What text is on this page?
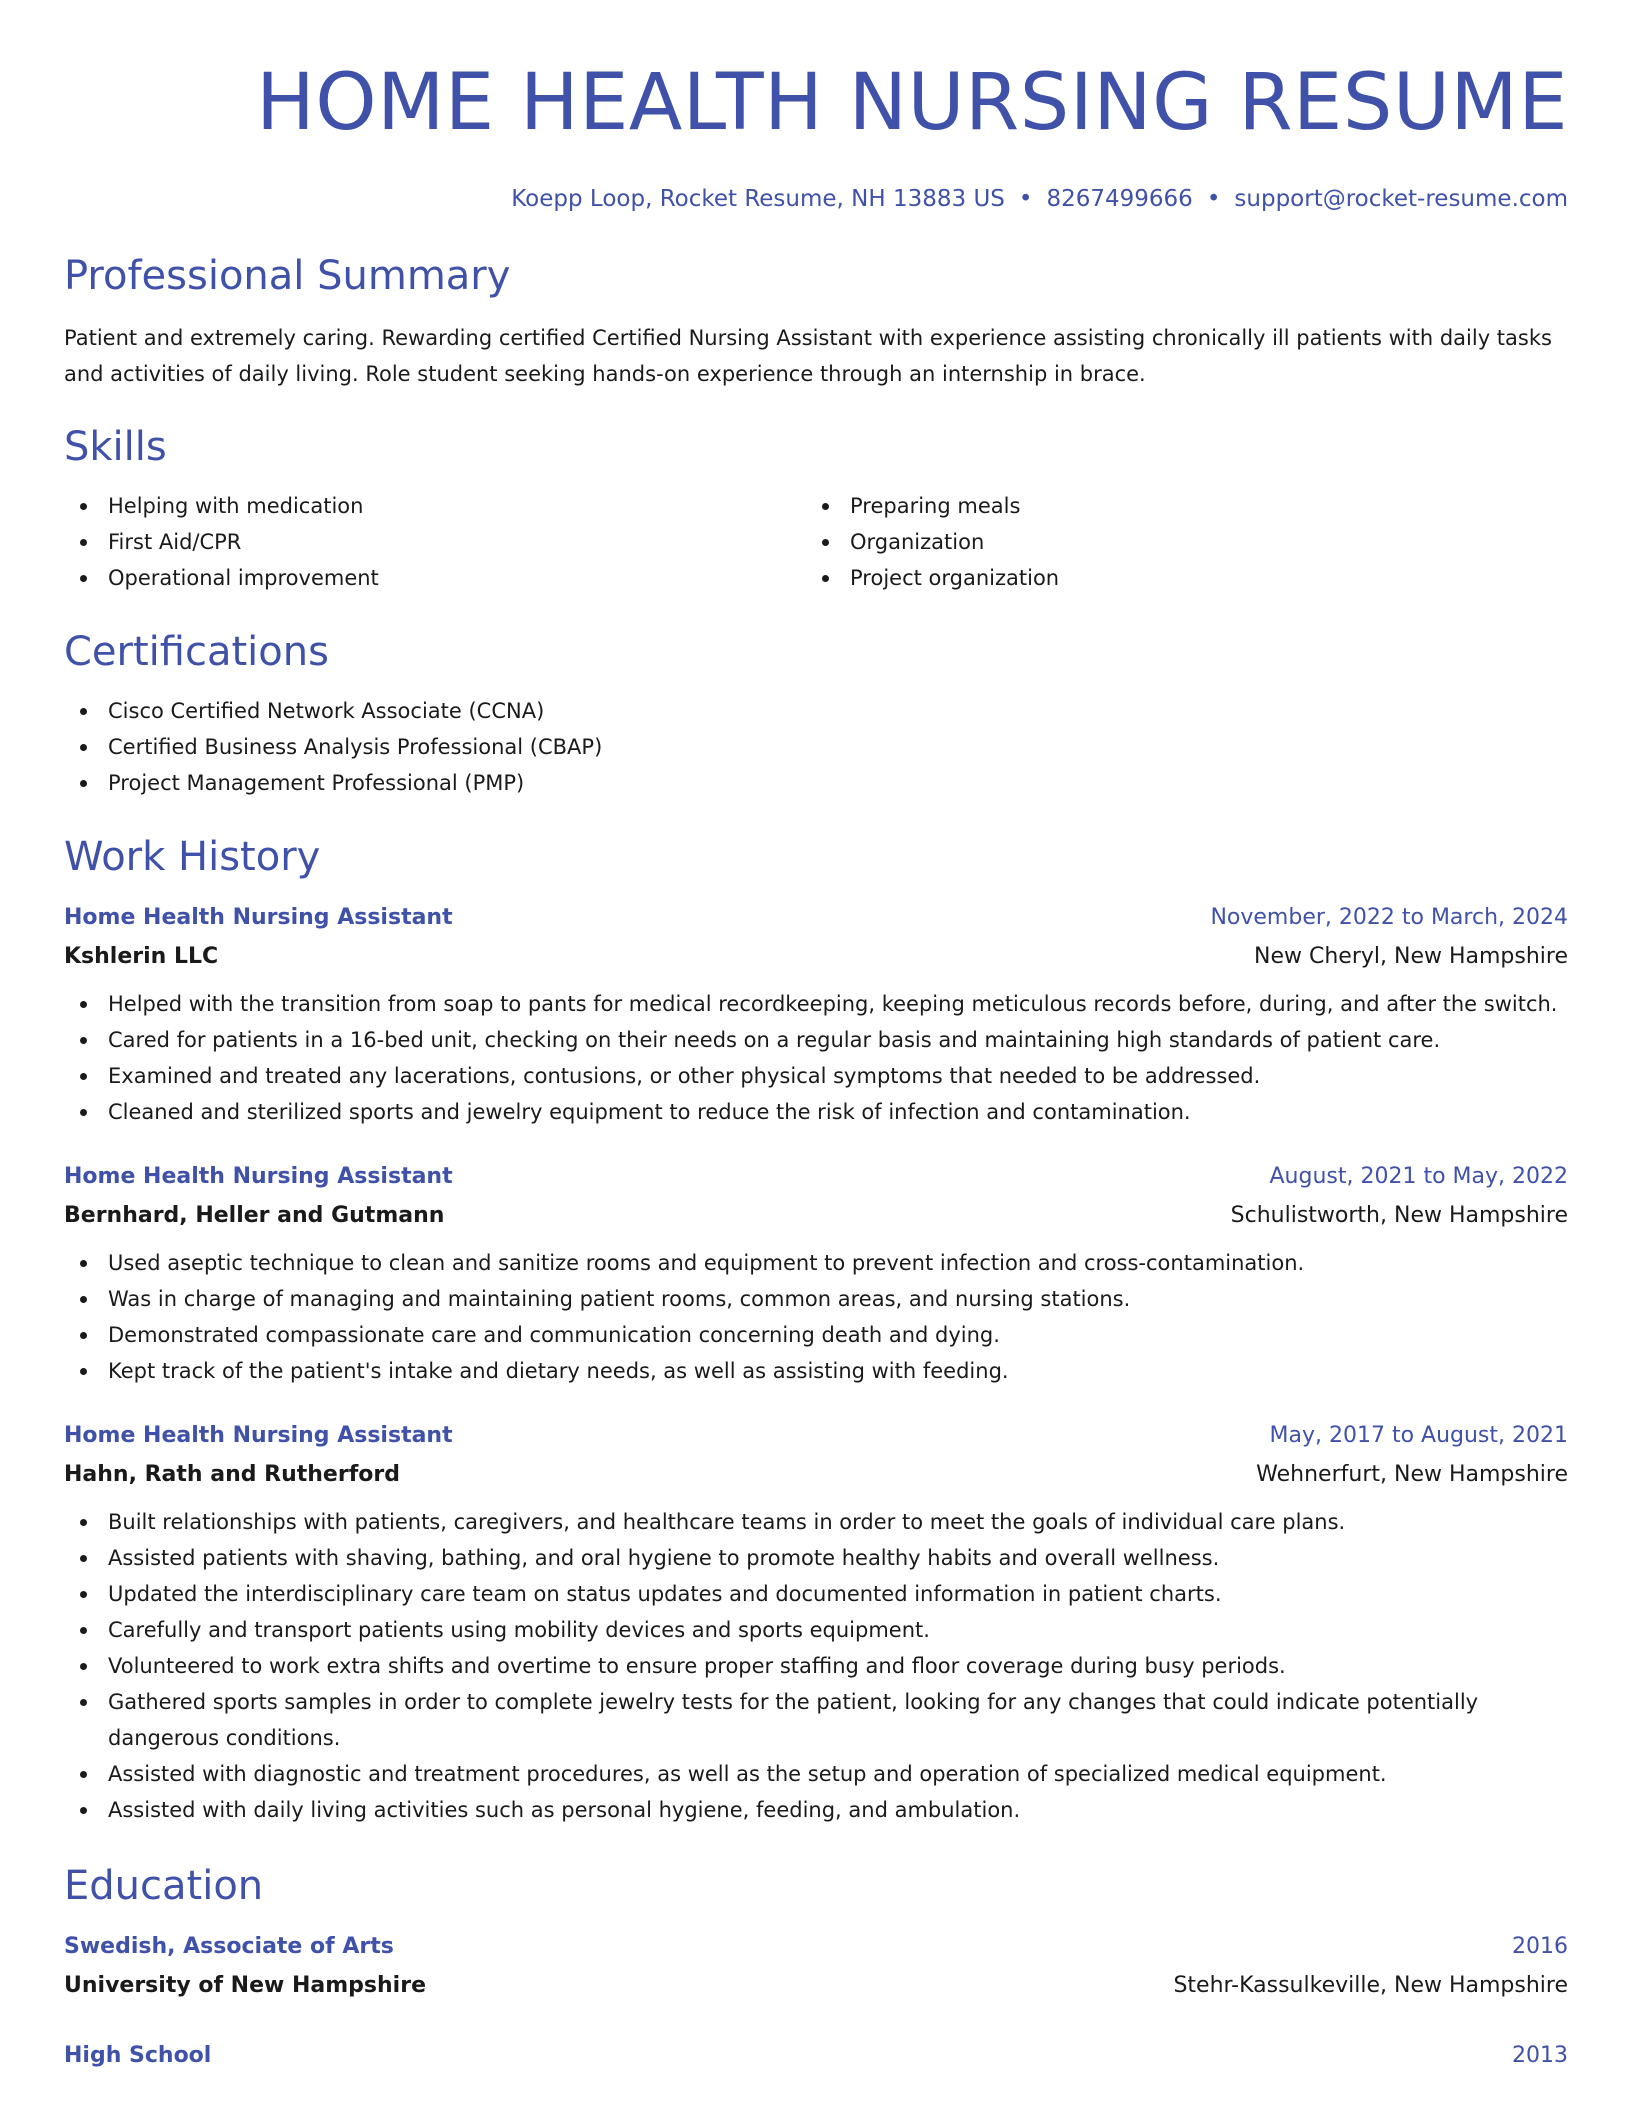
HOME HEALTH NURSING RESUME
Koepp Loop, Rocket Resume, NH 13883 US • 8267499666 • support@rocket-resume.com
Professional Summary

Patient and extremely caring. Rewarding certified Certified Nursing Assistant with experience assisting chronically ill patients with daily tasks and activities of daily living. Role student seeking hands-on experience through an internship in brace.

Skills
Helping with medication
First Aid/CPR
Operational improvement
Preparing meals
Organization
Project organization
Certifications
Cisco Certified Network Associate (CCNA)
Certified Business Analysis Professional (CBAP)
Project Management Professional (PMP)
Work History
Home Health Nursing Assistant	November, 2022 to March, 2024
Kshlerin LLC	New Cheryl, New Hampshire
Helped with the transition from soap to pants for medical recordkeeping, keeping meticulous records before, during, and after the switch.
Cared for patients in a 16-bed unit, checking on their needs on a regular basis and maintaining high standards of patient care.
Examined and treated any lacerations, contusions, or other physical symptoms that needed to be addressed.
Cleaned and sterilized sports and jewelry equipment to reduce the risk of infection and contamination.
Home Health Nursing Assistant	August, 2021 to May, 2022
Bernhard, Heller and Gutmann	Schulistworth, New Hampshire
Used aseptic technique to clean and sanitize rooms and equipment to prevent infection and cross-contamination.
Was in charge of managing and maintaining patient rooms, common areas, and nursing stations.
Demonstrated compassionate care and communication concerning death and dying.
Kept track of the patient's intake and dietary needs, as well as assisting with feeding.
Home Health Nursing Assistant	May, 2017 to August, 2021
Hahn, Rath and Rutherford	Wehnerfurt, New Hampshire
Built relationships with patients, caregivers, and healthcare teams in order to meet the goals of individual care plans.
Assisted patients with shaving, bathing, and oral hygiene to promote healthy habits and overall wellness.
Updated the interdisciplinary care team on status updates and documented information in patient charts.
Carefully and transport patients using mobility devices and sports equipment.
Volunteered to work extra shifts and overtime to ensure proper staffing and floor coverage during busy periods.
Gathered sports samples in order to complete jewelry tests for the patient, looking for any changes that could indicate potentially dangerous conditions.
Assisted with diagnostic and treatment procedures, as well as the setup and operation of specialized medical equipment.
Assisted with daily living activities such as personal hygiene, feeding, and ambulation.
Education
Swedish, Associate of Arts	2016
University of New Hampshire	Stehr-Kassulkeville, New Hampshire
High School	2013
